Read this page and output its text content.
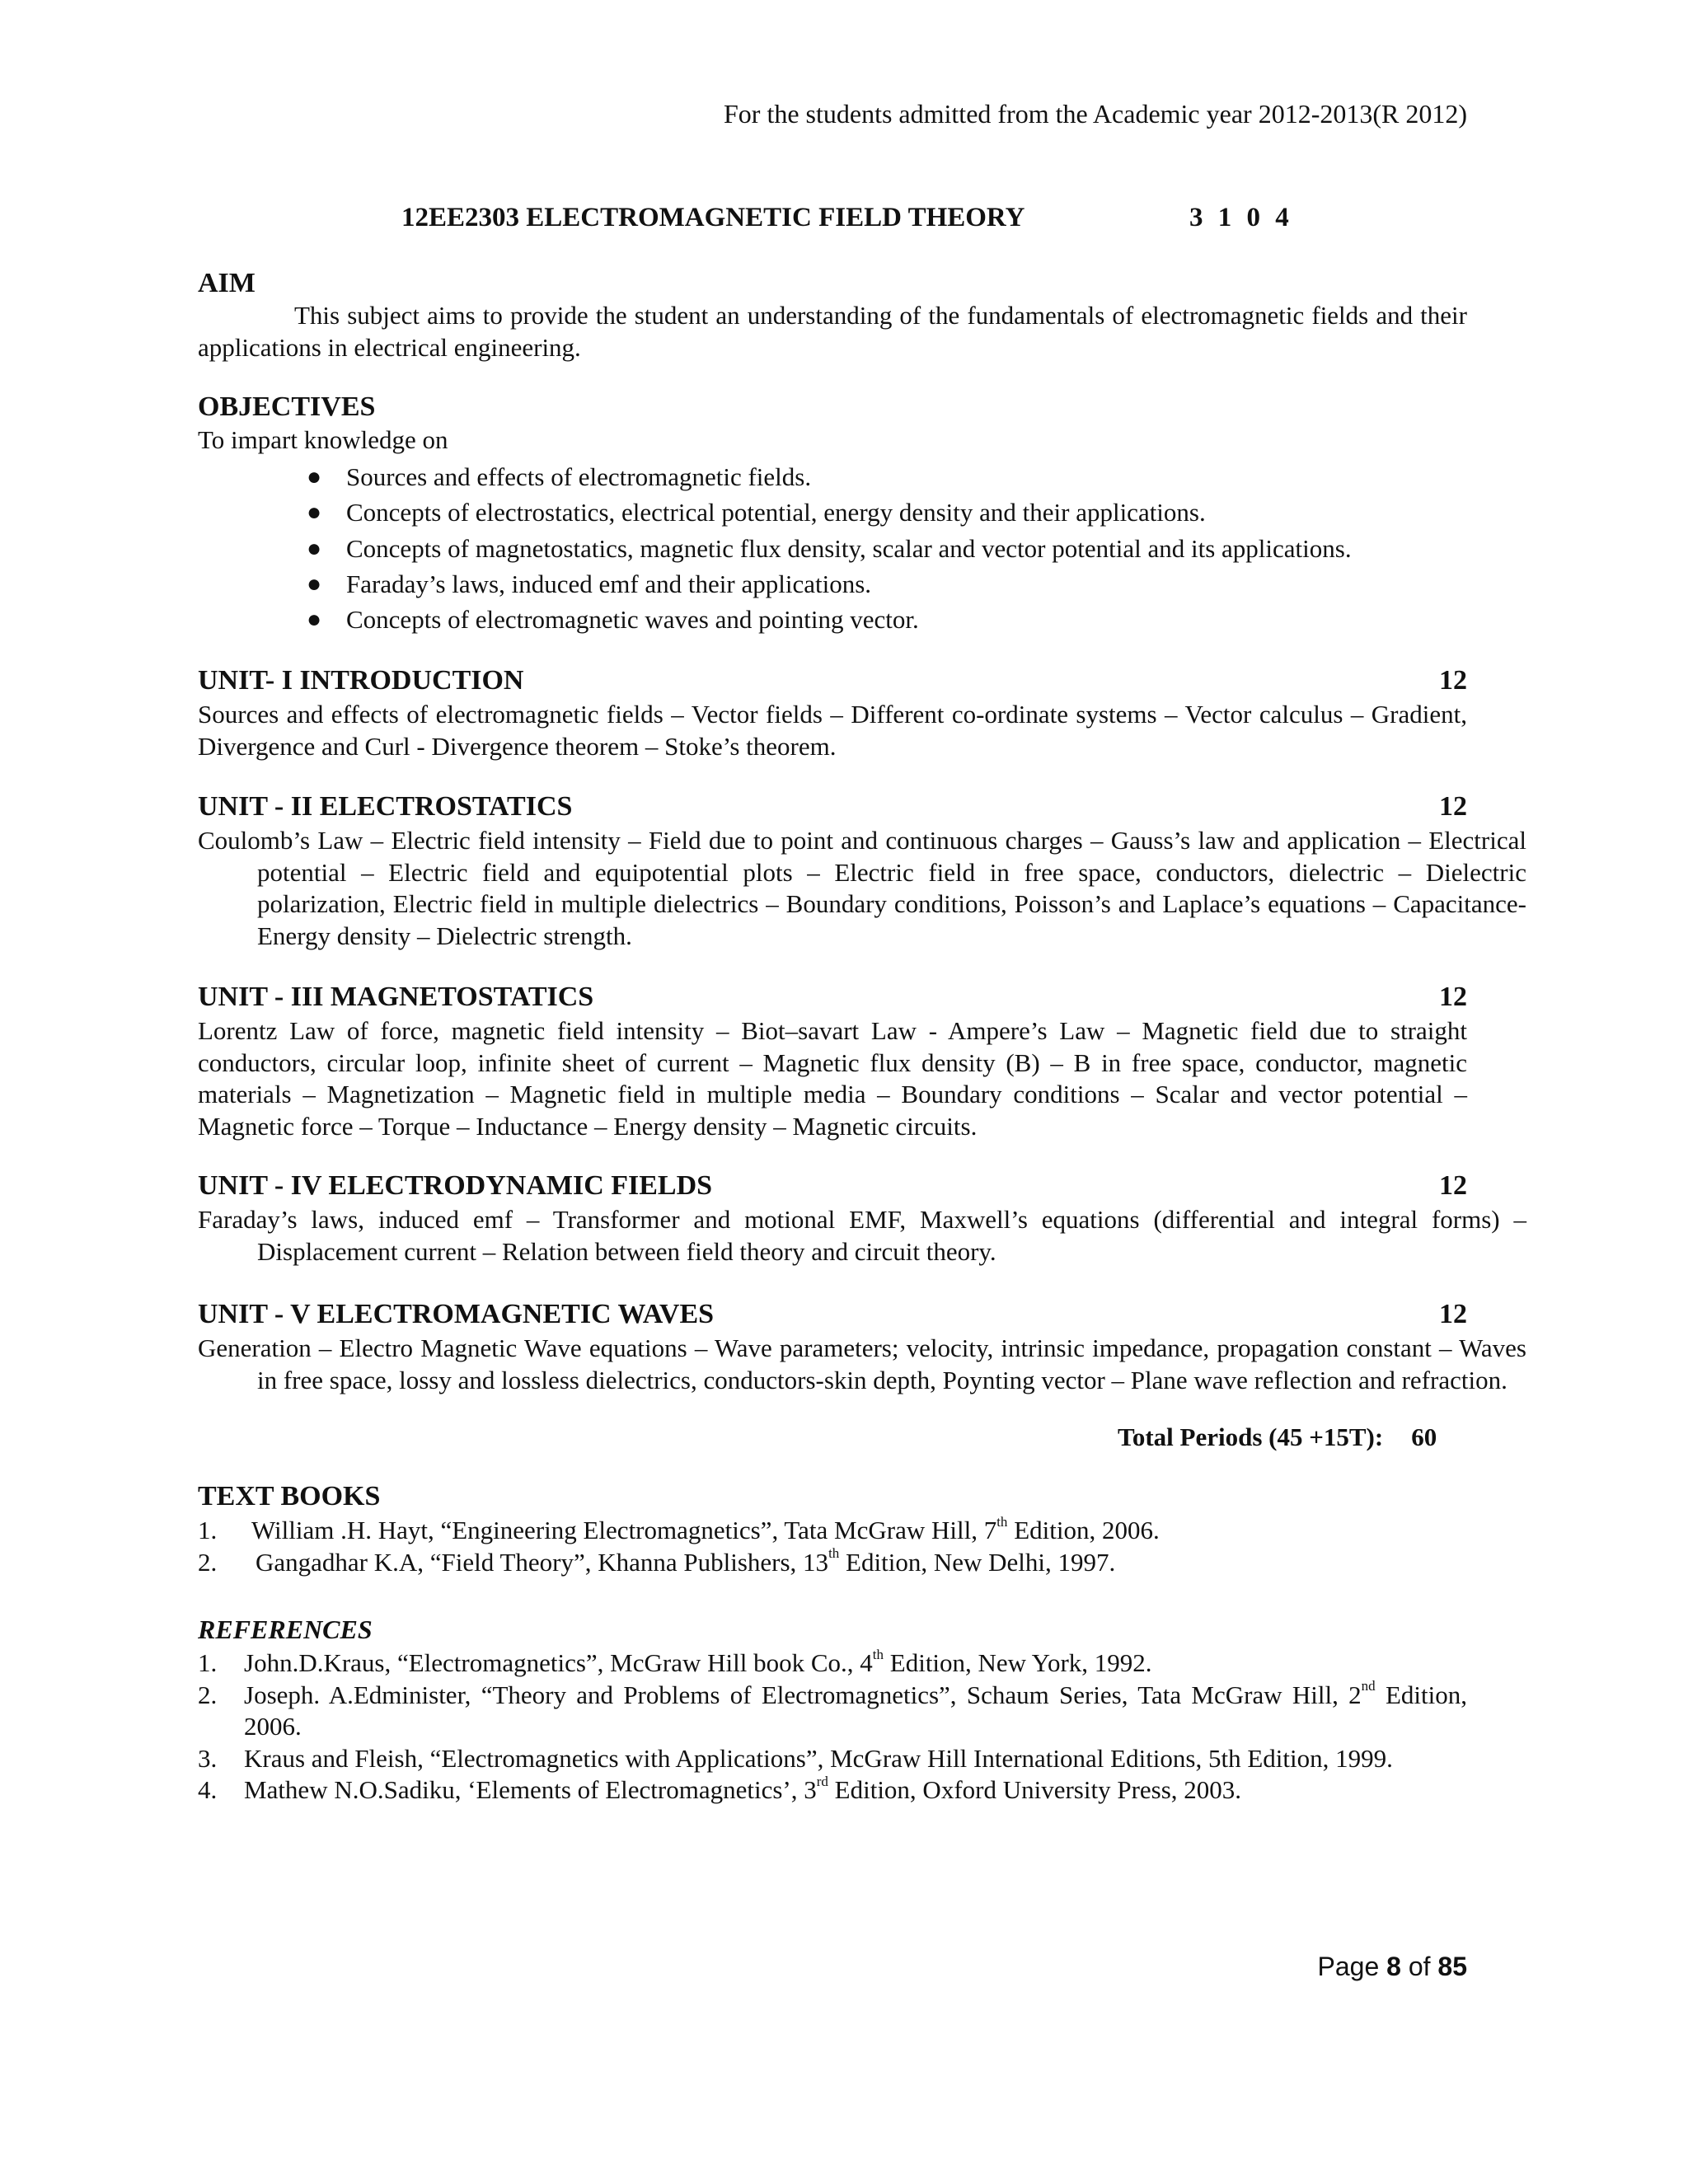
For the students admitted from the Academic year 2012-2013(R 2012)
12EE2303 ELECTROMAGNETIC FIELD THEORY	3 1 0 4
AIM
This subject aims to provide the student an understanding of the fundamentals of electromagnetic fields and their applications in electrical engineering.
OBJECTIVES
To impart knowledge on
● Sources and effects of electromagnetic fields.
● Concepts of electrostatics, electrical potential, energy density and their applications.
● Concepts of magnetostatics, magnetic flux density, scalar and vector potential and its applications.
● Faraday’s laws, induced emf and their applications.
● Concepts of electromagnetic waves and pointing vector.
UNIT- I INTRODUCTION	12
Sources and effects of electromagnetic fields – Vector fields – Different co-ordinate systems – Vector calculus – Gradient, Divergence and Curl - Divergence theorem – Stoke’s theorem.
UNIT - II ELECTROSTATICS	12
Coulomb’s Law – Electric field intensity – Field due to point and continuous charges – Gauss’s law and application – Electrical potential – Electric field and equipotential plots – Electric field in free space, conductors, dielectric – Dielectric polarization, Electric field in multiple dielectrics – Boundary conditions, Poisson’s and Laplace’s equations – Capacitance-Energy density – Dielectric strength.
UNIT - III MAGNETOSTATICS	12
Lorentz Law of force, magnetic field intensity – Biot–savart Law - Ampere’s Law – Magnetic field due to straight conductors, circular loop, infinite sheet of current – Magnetic flux density (B) – B in free space, conductor, magnetic materials – Magnetization – Magnetic field in multiple media – Boundary conditions – Scalar and vector potential – Magnetic force – Torque – Inductance – Energy density – Magnetic circuits.
UNIT - IV ELECTRODYNAMIC FIELDS	12
Faraday’s laws, induced emf – Transformer and motional EMF, Maxwell’s equations (differential and integral forms) – Displacement current – Relation between field theory and circuit theory.
UNIT - V ELECTROMAGNETIC WAVES	12
Generation – Electro Magnetic Wave equations – Wave parameters; velocity, intrinsic impedance, propagation constant – Waves in free space, lossy and lossless dielectrics, conductors-skin depth, Poynting vector – Plane wave reflection and refraction.
Total Periods (45 +15T): 60
TEXT BOOKS
1. William .H. Hayt, “Engineering Electromagnetics”, Tata McGraw Hill, 7th Edition, 2006.
2. Gangadhar K.A, “Field Theory”, Khanna Publishers, 13th Edition, New Delhi, 1997.
REFERENCES
1. John.D.Kraus, “Electromagnetics”, McGraw Hill book Co., 4th Edition, New York, 1992.
2. Joseph. A.Edminister, “Theory and Problems of Electromagnetics”, Schaum Series, Tata McGraw Hill, 2nd Edition, 2006.
3. Kraus and Fleish, “Electromagnetics with Applications”, McGraw Hill International Editions, 5th Edition, 1999.
4. Mathew N.O.Sadiku, ‘Elements of Electromagnetics’, 3rd Edition, Oxford University Press, 2003.
Page 8 of 85
